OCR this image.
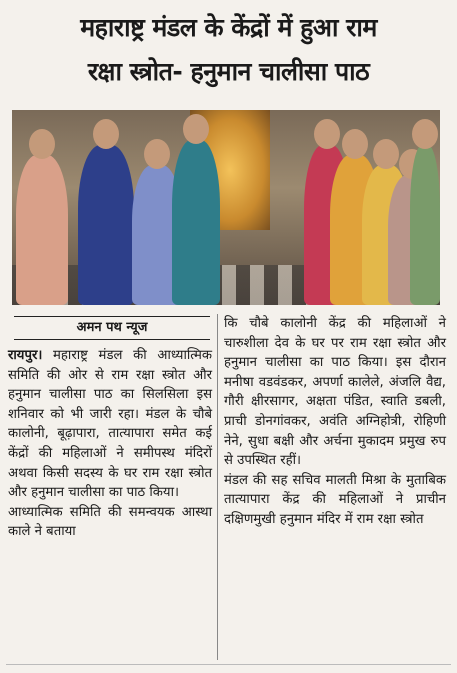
महाराष्ट्र मंडल के केंद्रों में हुआ राम
रक्षा स्त्रोत- हनुमान चालीसा पाठ
अमन पथ न्यूज

रायपुर। महाराष्ट्र मंडल की आध्यात्मिक समिति की ओर से राम रक्षा स्त्रोत और हनुमान चालीसा पाठ का सिलसिला इस शनिवार को भी जारी रहा। मंडल के चौबे कालोनी, बूढ़ापारा, तात्यापारा समेत कई केंद्रों की महिलाओं ने समीपस्थ मंदिरों अथवा किसी सदस्य के घर राम रक्षा स्त्रोत और हनुमान चालीसा का पाठ किया।

आध्यात्मिक समिति की समन्वयक आस्था काले ने बताया

कि चौबे कालोनी केंद्र की महिलाओं ने चारुशीला देव के घर पर राम रक्षा स्त्रोत और हनुमान चालीसा का पाठ किया। इस दौरान मनीषा वडवंडकर, अपर्णा कालेले, अंजलि वैद्य, गौरी क्षीरसागर, अक्षता पंडित, स्वाति डबली, प्राची डोनगांवकर, अवंति अग्निहोत्री, रोहिणी नेने, सुधा बक्षी और अर्चना मुकादम प्रमुख रुप से उपस्थित रहीं।

मंडल की सह सचिव मालती मिश्रा के मुताबिक तात्यापारा केंद्र की महिलाओं ने प्राचीन दक्षिणमुखी हनुमान मंदिर में राम रक्षा स्त्रोत
